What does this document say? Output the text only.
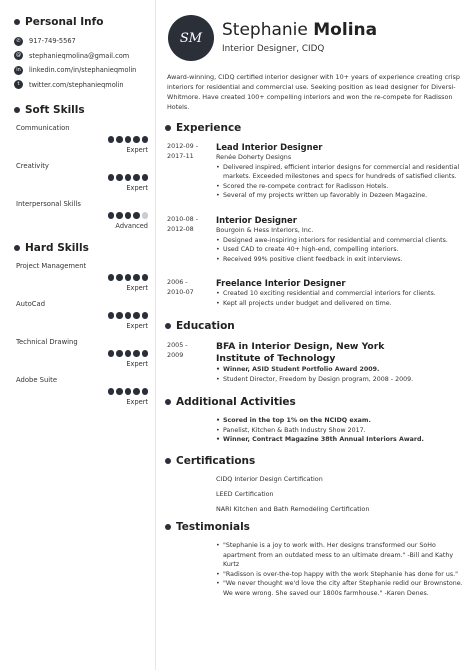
Personal Info
✆	917-749-5567
@	stephanieqmolina@gmail.com
in	linkedin.com/in/stephanieqmolin
t	twitter.com/stephanieqmolin
Soft Skills
Communication
Expert
Creativity
Expert
Interpersonal Skills
Advanced
Hard Skills
Project Management
Expert
AutoCad
Expert
Technical Drawing
Expert
Adobe Suite
Expert
SM	Stephanie Molina
Interior Designer, CIDQ
Award-winning, CIDQ certified interior designer with 10+ years of experience creating crisp interiors for residential and commercial use. Seeking position as lead designer for Diversi-Whitmore. Have created 100+ compelling interiors and won the re-compete for Radisson Hotels.
Experience
2012-09 -
2017-11
Lead Interior Designer
Renée Doherty Designs
• Delivered inspired, efficient interior designs for commercial and residential markets. Exceeded milestones and specs for hundreds of satisfied clients.
• Scored the re-compete contract for Radisson Hotels.
• Several of my projects written up favorably in Dezeen Magazine.
2010-08 -
2012-08
Interior Designer
Bourgoin & Hess Interiors, Inc.
• Designed awe-inspiring interiors for residential and commercial clients.
• Used CAD to create 40+ high-end, compelling interiors.
• Received 99% positive client feedback in exit interviews.
2006 -
2010-07
Freelance Interior Designer
• Created 10 exciting residential and commercial interiors for clients.
• Kept all projects under budget and delivered on time.
Education
2005 -
2009
BFA in Interior Design, New York Institute of Technology
• Winner, ASID Student Portfolio Award 2009.
• Student Director, Freedom by Design program, 2008 - 2009.
Additional Activities
• Scored in the top 1% on the NCIDQ exam.
• Panelist, Kitchen & Bath Industry Show 2017.
• Winner, Contract Magazine 38th Annual Interiors Award.
Certifications
CIDQ Interior Design Certification
LEED Certification
NARI Kitchen and Bath Remodeling Certification
Testimonials
• "Stephanie is a joy to work with. Her designs transformed our SoHo apartment from an outdated mess to an ultimate dream." -Bill and Kathy Kurtz
• "Radisson is over-the-top happy with the work Stephanie has done for us."
• "We never thought we'd love the city after Stephanie redid our Brownstone. We were wrong. She saved our 1800s farmhouse." -Karen Denes.
